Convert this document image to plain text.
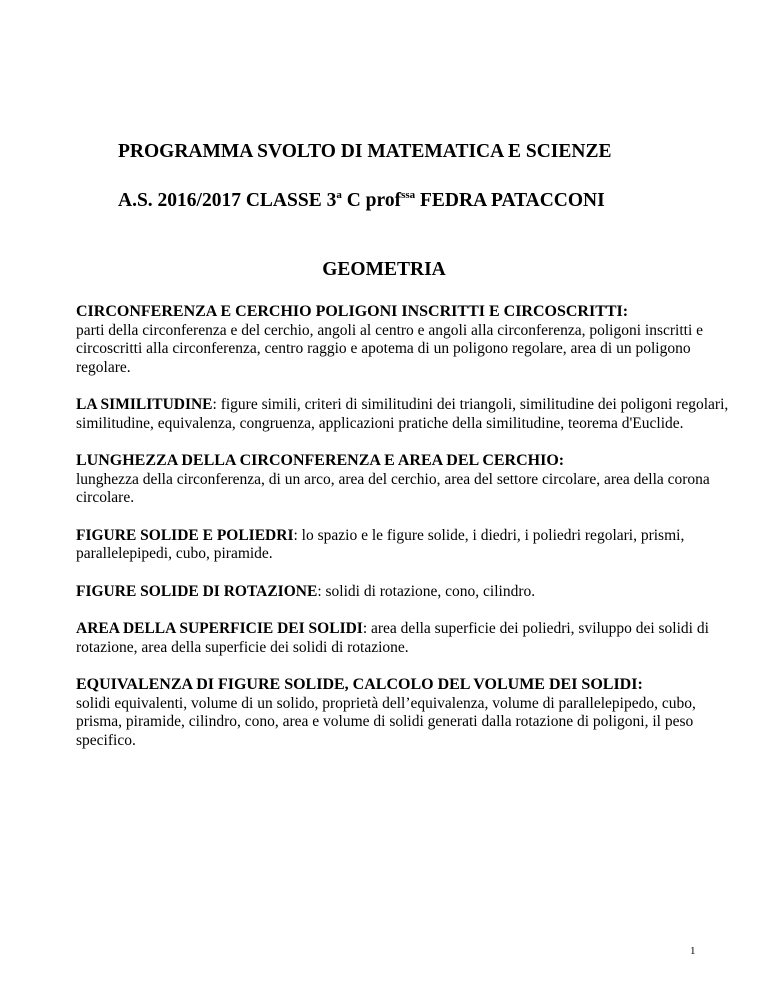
PROGRAMMA SVOLTO DI MATEMATICA E SCIENZE

A.S. 2016/2017 CLASSE 3$^a$ C prof$^{ssa}$ FEDRA PATACCONI

GEOMETRIA

CIRCONFERENZA E CERCHIO POLIGONI INSCRITTI E CIRCOSCRITTI:
parti della circonferenza e del cerchio, angoli al centro e angoli alla circonferenza, poligoni inscritti e circoscritti alla circonferenza, centro raggio e apotema di un poligono regolare, area di un poligono regolare.

LA SIMILITUDINE: figure simili, criteri di similitudini dei triangoli, similitudine dei poligoni regolari, similitudine, equivalenza, congruenza, applicazioni pratiche della similitudine, teorema d'Euclide.

LUNGHEZZA DELLA CIRCONFERENZA E AREA DEL CERCHIO:
lunghezza della circonferenza, di un arco, area del cerchio, area del settore circolare, area della corona circolare.

FIGURE SOLIDE E POLIEDRI: lo spazio e le figure solide, i diedri, i poliedri regolari, prismi, parallelepipedi, cubo, piramide.

FIGURE SOLIDE DI ROTAZIONE: solidi di rotazione, cono, cilindro.

AREA DELLA SUPERFICIE DEI SOLIDI: area della superficie dei poliedri, sviluppo dei solidi di rotazione, area della superficie dei solidi di rotazione.

EQUIVALENZA DI FIGURE SOLIDE, CALCOLO DEL VOLUME DEI SOLIDI:
solidi equivalenti, volume di un solido, proprietà dell’equivalenza, volume di parallelepipedo, cubo, prisma, piramide, cilindro, cono, area e volume di solidi generati dalla rotazione di poligoni, il peso specifico.

1
